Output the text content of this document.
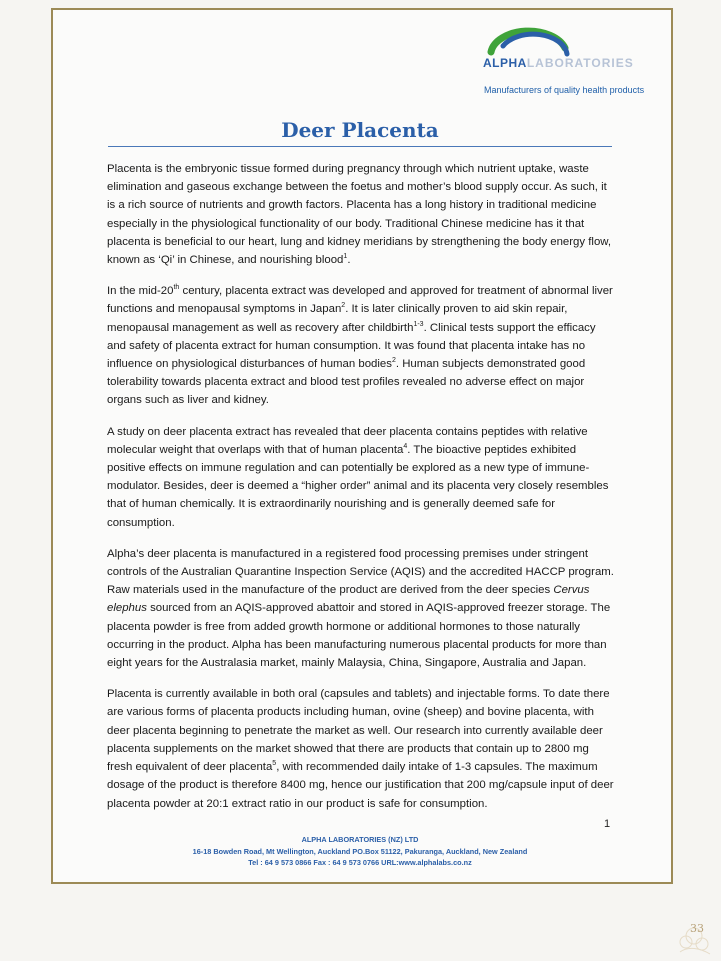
ALPHALABORATORIES
Manufacturers of quality health products
Deer Placenta

Placenta is the embryonic tissue formed during pregnancy through which nutrient uptake, waste elimination and gaseous exchange between the foetus and mother’s blood supply occur. As such, it is a rich source of nutrients and growth factors. Placenta has a long history in traditional medicine especially in the physiological functionality of our body. Traditional Chinese medicine has it that placenta is beneficial to our heart, lung and kidney meridians by strengthening the body energy flow, known as ‘Qi’ in Chinese, and nourishing blood$^1$.

In the mid-20th century, placenta extract was developed and approved for treatment of abnormal liver functions and menopausal symptoms in Japan$^2$. It is later clinically proven to aid skin repair, menopausal management as well as recovery after childbirth$^{1-3}$. Clinical tests support the efficacy and safety of placenta extract for human consumption. It was found that placenta intake has no influence on physiological disturbances of human bodies$^2$. Human subjects demonstrated good tolerability towards placenta extract and blood test profiles revealed no adverse effect on major organs such as liver and kidney.

A study on deer placenta extract has revealed that deer placenta contains peptides with relative molecular weight that overlaps with that of human placenta$^4$. The bioactive peptides exhibited positive effects on immune regulation and can potentially be explored as a new type of immune-modulator. Besides, deer is deemed a “higher order” animal and its placenta very closely resembles that of human chemically. It is extraordinarily nourishing and is generally deemed safe for consumption.

Alpha’s deer placenta is manufactured in a registered food processing premises under stringent controls of the Australian Quarantine Inspection Service (AQIS) and the accredited HACCP program. Raw materials used in the manufacture of the product are derived from the deer species Cervus elephus sourced from an AQIS-approved abattoir and stored in AQIS-approved freezer storage. The placenta powder is free from added growth hormone or additional hormones to those naturally occurring in the product. Alpha has been manufacturing numerous placental products for more than eight years for the Australasia market, mainly Malaysia, China, Singapore, Australia and Japan.

Placenta is currently available in both oral (capsules and tablets) and injectable forms. To date there are various forms of placenta products including human, ovine (sheep) and bovine placenta, with deer placenta beginning to penetrate the market as well. Our research into currently available deer placenta supplements on the market showed that there are products that contain up to 2800 mg fresh equivalent of deer placenta$^5$, with recommended daily intake of 1-3 capsules. The maximum dosage of the product is therefore 8400 mg, hence our justification that 200 mg/capsule input of deer placenta powder at 20:1 extract ratio in our product is safe for consumption.

1
ALPHA LABORATORIES (NZ) LTD
16-18 Bowden Road, Mt Wellington, Auckland PO.Box 51122, Pakuranga, Auckland, New Zealand
Tel : 64 9 573 0866 Fax : 64 9 573 0766 URL:www.alphalabs.co.nz
33
